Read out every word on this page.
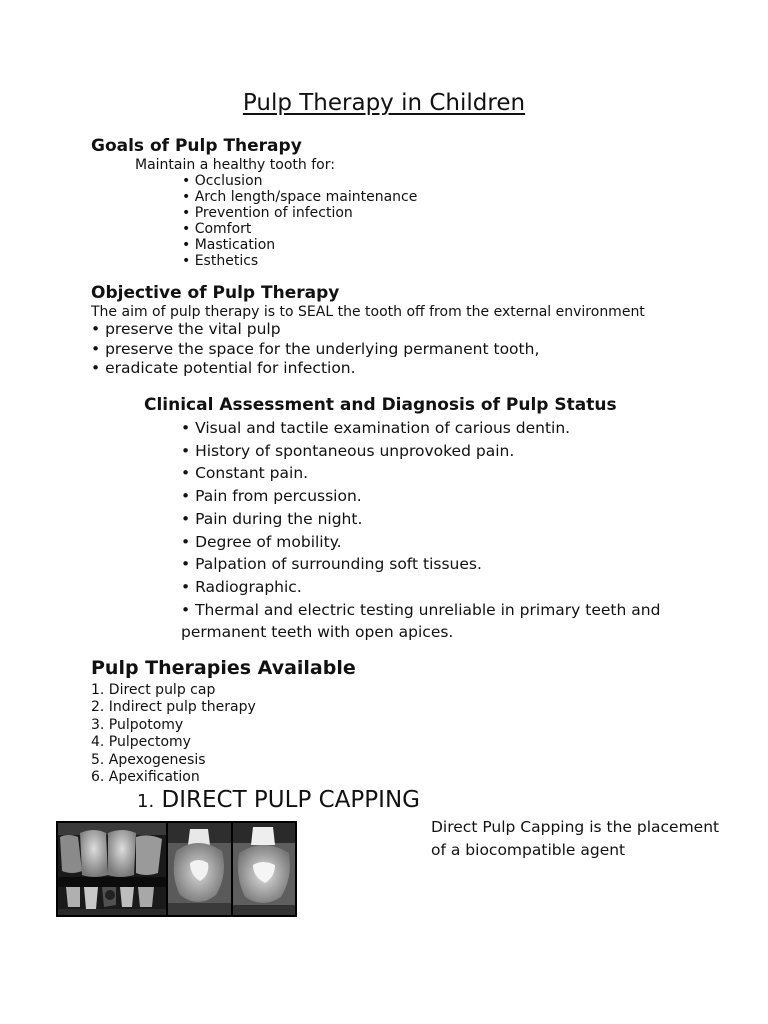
Pulp Therapy in Children
Goals of Pulp Therapy
Maintain a healthy tooth for:
• Occlusion
• Arch length/space maintenance
• Prevention of infection
• Comfort
• Mastication
• Esthetics
Objective of Pulp Therapy
The aim of pulp therapy is to SEAL the tooth off from the external environment
• preserve the vital pulp
• preserve the space for the underlying permanent tooth,
• eradicate potential for infection.
Clinical Assessment and Diagnosis of Pulp Status
• Visual and tactile examination of carious dentin.
• History of spontaneous unprovoked pain.
• Constant pain.
• Pain from percussion.
• Pain during the night.
• Degree of mobility.
• Palpation of surrounding soft tissues.
• Radiographic.
• Thermal and electric testing unreliable in primary teeth and permanent teeth with open apices.
Pulp Therapies Available
1. Direct pulp cap
2. Indirect pulp therapy
3. Pulpotomy
4. Pulpectomy
5. Apexogenesis
6. Apexification
1. DIRECT PULP CAPPING
Direct Pulp Capping is the placement of a biocompatible agent
